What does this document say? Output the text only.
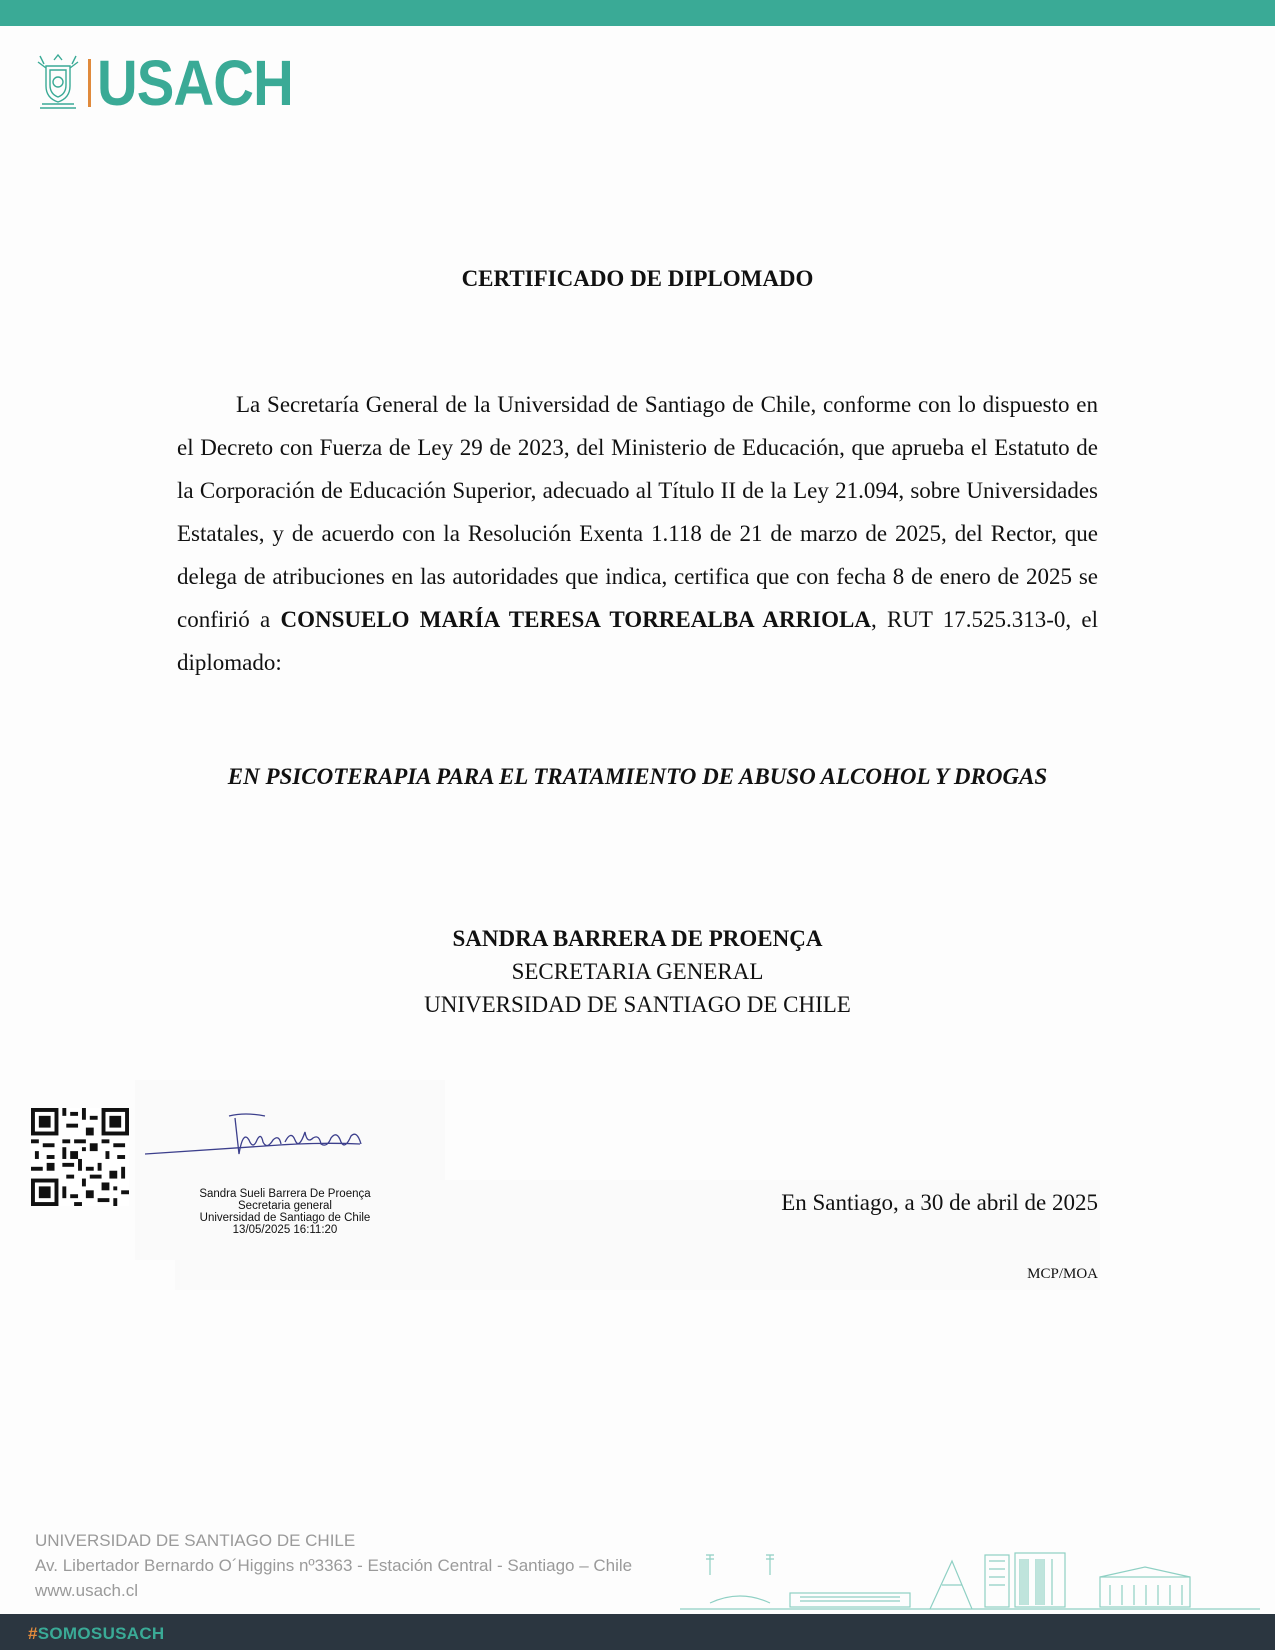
USACH
CERTIFICADO DE DIPLOMADO

La Secretaría General de la Universidad de Santiago de Chile, conforme con lo dispuesto en el Decreto con Fuerza de Ley 29 de 2023, del Ministerio de Educación, que aprueba el Estatuto de la Corporación de Educación Superior, adecuado al Título II de la Ley 21.094, sobre Universidades Estatales, y de acuerdo con la Resolución Exenta 1.118 de 21 de marzo de 2025, del Rector, que delega de atribuciones en las autoridades que indica, certifica que con fecha 8 de enero de 2025 se confirió a CONSUELO MARÍA TERESA TORREALBA ARRIOLA, RUT 17.525.313-0, el diplomado:

EN PSICOTERAPIA PARA EL TRATAMIENTO DE ABUSO ALCOHOL Y DROGAS
SANDRA BARRERA DE PROENÇA
SECRETARIA GENERAL
UNIVERSIDAD DE SANTIAGO DE CHILE
Sandra Sueli Barrera De Proença
Secretaria general
Universidad de Santiago de Chile
13/05/2025 16:11:20
En Santiago, a 30 de abril de 2025
MCP/MOA
UNIVERSIDAD DE SANTIAGO DE CHILE
Av. Libertador Bernardo O´Higgins nº3363 - Estación Central - Santiago – Chile
www.usach.cl
#SOMOSUSACH
